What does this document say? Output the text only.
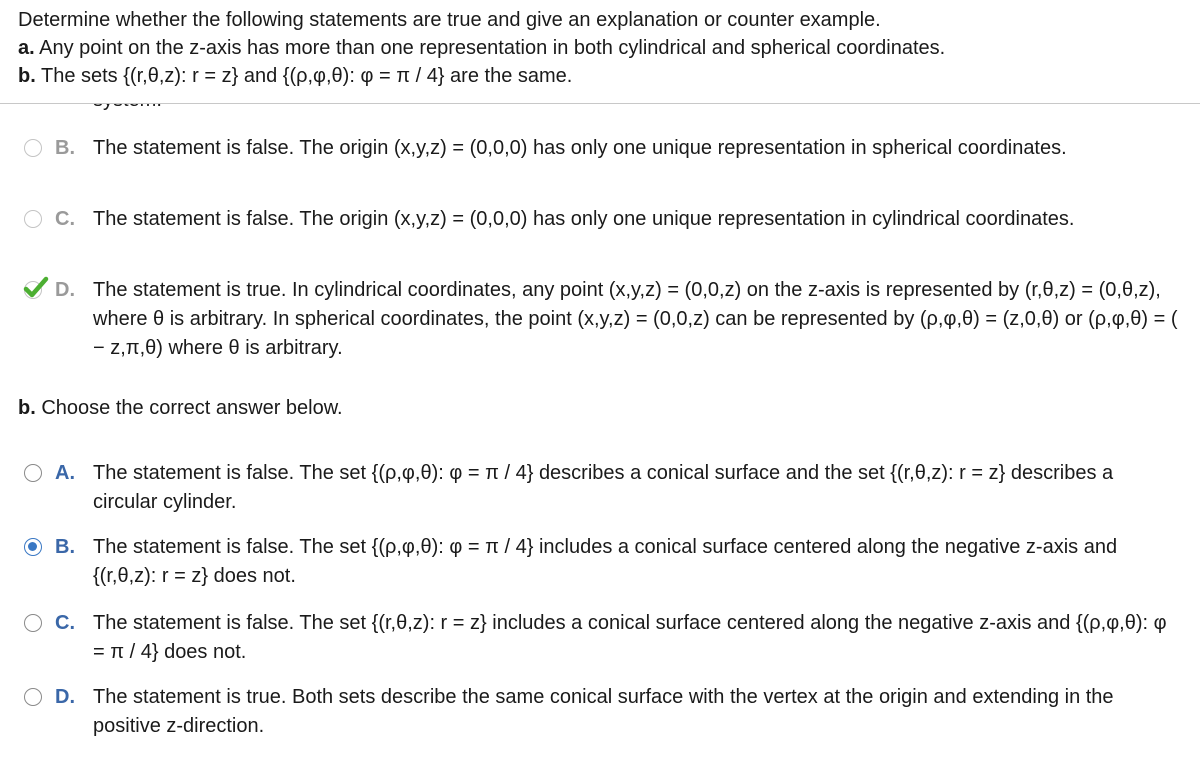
Determine whether the following statements are true and give an explanation or counter example.
a. Any point on the z-axis has more than one representation in both cylindrical and spherical coordinates.
b. The sets {(r,θ,z): r = z} and {(ρ,φ,θ): φ = π / 4} are the same.
B. The statement is false. The origin (x,y,z) = (0,0,0) has only one unique representation in spherical coordinates.
C. The statement is false. The origin (x,y,z) = (0,0,0) has only one unique representation in cylindrical coordinates.
D. The statement is true. In cylindrical coordinates, any point (x,y,z) = (0,0,z) on the z-axis is represented by (r,θ,z) = (0,θ,z), where θ is arbitrary. In spherical coordinates, the point (x,y,z) = (0,0,z) can be represented by (ρ,φ,θ) = (z,0,θ) or (ρ,φ,θ) = ( − z,π,θ) where θ is arbitrary.
b. Choose the correct answer below.
A. The statement is false. The set {(ρ,φ,θ): φ = π / 4} describes a conical surface and the set {(r,θ,z): r = z} describes a circular cylinder.
B. The statement is false. The set {(ρ,φ,θ): φ = π / 4} includes a conical surface centered along the negative z-axis and {(r,θ,z): r = z} does not.
C. The statement is false. The set {(r,θ,z): r = z} includes a conical surface centered along the negative z-axis and {(ρ,φ,θ): φ = π / 4} does not.
D. The statement is true. Both sets describe the same conical surface with the vertex at the origin and extending in the positive z-direction.
